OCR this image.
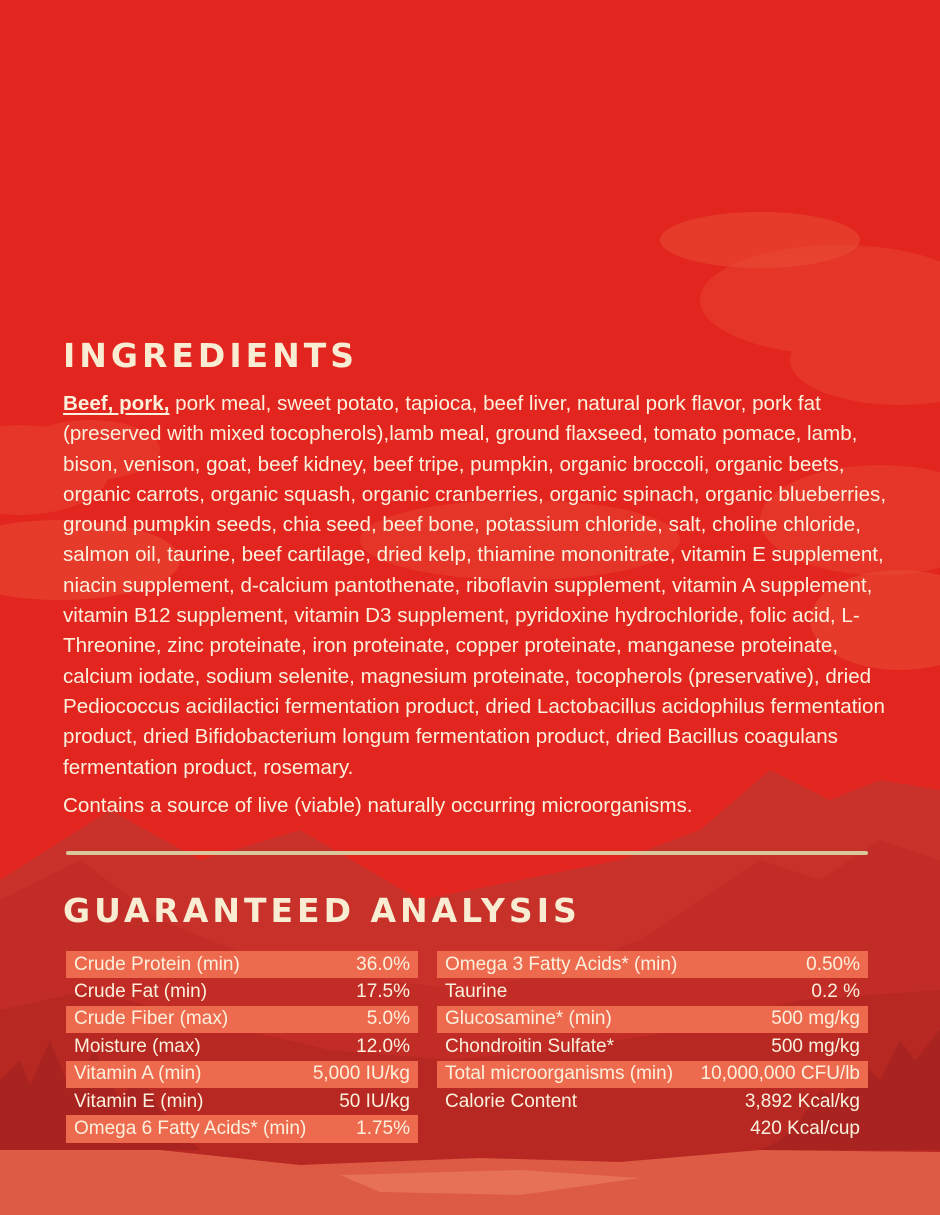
INGREDIENTS
Beef, pork, pork meal, sweet potato, tapioca, beef liver, natural pork flavor, pork fat (preserved with mixed tocopherols),lamb meal, ground flaxseed, tomato pomace, lamb, bison, venison, goat, beef kidney, beef tripe, pumpkin, organic broccoli, organic beets, organic carrots, organic squash, organic cranberries, organic spinach, organic blueberries, ground pumpkin seeds, chia seed, beef bone, potassium chloride, salt, choline chloride, salmon oil, taurine, beef cartilage, dried kelp, thiamine mononitrate, vitamin E supplement, niacin supplement, d-calcium pantothenate, riboflavin supplement, vitamin A supplement, vitamin B12 supplement, vitamin D3 supplement, pyridoxine hydrochloride, folic acid, L-Threonine, zinc proteinate, iron proteinate, copper proteinate, manganese proteinate, calcium iodate, sodium selenite, magnesium proteinate, tocopherols (preservative), dried Pediococcus acidilactici fermentation product, dried Lactobacillus acidophilus fermentation product, dried Bifidobacterium longum fermentation product, dried Bacillus coagulans fermentation product, rosemary.
Contains a source of live (viable) naturally occurring microorganisms.
GUARANTEED ANALYSIS
Crude Protein (min)	36.0%
Crude Fat (min)	17.5%
Crude Fiber (max)	5.0%
Moisture (max)	12.0%
Vitamin A (min)	5,000 IU/kg
Vitamin E (min)	50 IU/kg
Omega 6 Fatty Acids* (min)	1.75%
Omega 3 Fatty Acids* (min)	0.50%
Taurine	0.2 %
Glucosamine* (min)	500 mg/kg
Chondroitin Sulfate*	500 mg/kg
Total microorganisms (min) 10,000,000 CFU/lb
Calorie Content	3,892 Kcal/kg
420 Kcal/cup
